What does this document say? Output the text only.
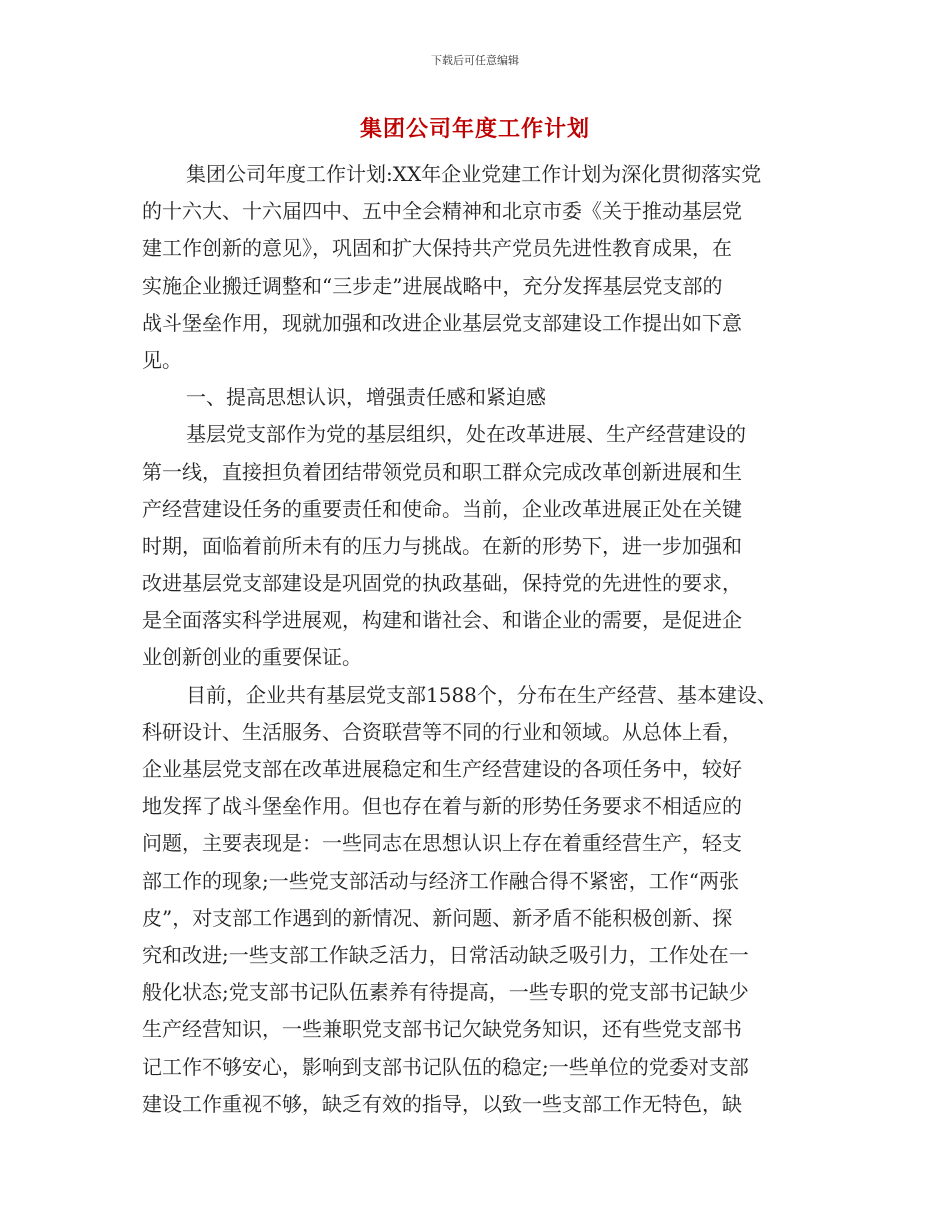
下载后可任意编辑
集团公司年度工作计划
集团公司年度工作计划:XX年企业党建工作计划为深化贯彻落实党
的十六大、十六届四中、五中全会精神和北京市委《关于推动基层党
建工作创新的意见》，巩固和扩大保持共产党员先进性教育成果，在
实施企业搬迁调整和“三步走”进展战略中，充分发挥基层党支部的
战斗堡垒作用，现就加强和改进企业基层党支部建设工作提出如下意
见。
一、提高思想认识，增强责任感和紧迫感
基层党支部作为党的基层组织，处在改革进展、生产经营建设的
第一线，直接担负着团结带领党员和职工群众完成改革创新进展和生
产经营建设任务的重要责任和使命。当前，企业改革进展正处在关键
时期，面临着前所未有的压力与挑战。在新的形势下，进一步加强和
改进基层党支部建设是巩固党的执政基础，保持党的先进性的要求，
是全面落实科学进展观，构建和谐社会、和谐企业的需要，是促进企
业创新创业的重要保证。
目前，企业共有基层党支部1588个，分布在生产经营、基本建设、
科研设计、生活服务、合资联营等不同的行业和领域。从总体上看，
企业基层党支部在改革进展稳定和生产经营建设的各项任务中，较好
地发挥了战斗堡垒作用。但也存在着与新的形势任务要求不相适应的
问题，主要表现是：一些同志在思想认识上存在着重经营生产，轻支
部工作的现象;一些党支部活动与经济工作融合得不紧密，工作“两张
皮”，对支部工作遇到的新情况、新问题、新矛盾不能积极创新、探
究和改进;一些支部工作缺乏活力，日常活动缺乏吸引力，工作处在一
般化状态;党支部书记队伍素养有待提高，一些专职的党支部书记缺少
生产经营知识，一些兼职党支部书记欠缺党务知识，还有些党支部书
记工作不够安心，影响到支部书记队伍的稳定;一些单位的党委对支部
建设工作重视不够，缺乏有效的指导，以致一些支部工作无特色，缺
